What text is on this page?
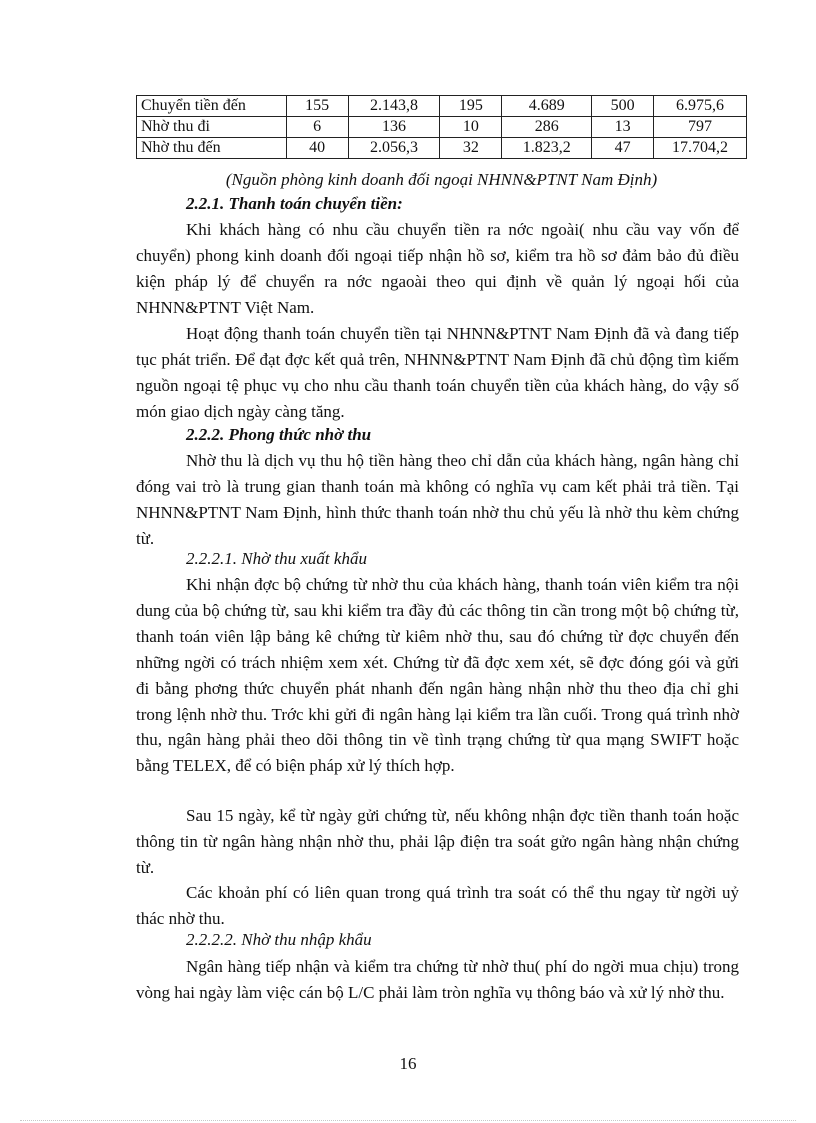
Chuyển tiền đến	155	2.143,8	195	4.689	500	6.975,6
Nhờ thu đi	6	136	10	286	13	797
Nhờ thu đến	40	2.056,3	32	1.823,2	47	17.704,2
(Nguồn phòng kinh doanh đối ngoại NHNN&PTNT Nam Định)
2.2.1. Thanh toán chuyển tiền:

Khi khách hàng có nhu cầu chuyển tiền ra nớc ngoài( nhu cầu vay vốn để chuyển) phong kinh doanh đối ngoại tiếp nhận hồ sơ, kiểm tra hồ sơ đảm bảo đủ điều kiện pháp lý để chuyển ra nớc ngaoài theo qui định về quản lý ngoại hối của NHNN&PTNT Việt Nam.

Hoạt động thanh toán chuyển tiền tại NHNN&PTNT Nam Định đã và đang tiếp tục phát triển. Để đạt đợc kết quả trên, NHNN&PTNT Nam Định đã chủ động tìm kiếm nguồn ngoại tệ phục vụ cho nhu cầu thanh toán chuyển tiền của khách hàng, do vậy số món giao dịch ngày càng tăng.

2.2.2. Phong thức nhờ thu

Nhờ thu là dịch vụ thu hộ tiền hàng theo chỉ dẫn của khách hàng, ngân hàng chỉ đóng vai trò là trung gian thanh toán mà không có nghĩa vụ cam kết phải trả tiền. Tại NHNN&PTNT Nam Định, hình thức thanh toán nhờ thu chủ yếu là nhờ thu kèm chứng từ.

2.2.2.1. Nhờ thu xuất khẩu

Khi nhận đợc bộ chứng từ nhờ thu của khách hàng, thanh toán viên kiểm tra nội dung của bộ chứng từ, sau khi kiểm tra đầy đủ các thông tin cần trong một bộ chứng từ, thanh toán viên lập bảng kê chứng từ kiêm nhờ thu, sau đó chứng từ đợc chuyển đến những ngời có trách nhiệm xem xét. Chứng từ đã đợc xem xét, sẽ đợc đóng gói và gửi đi bằng phơng thức chuyển phát nhanh đến ngân hàng nhận nhờ thu theo địa chỉ ghi trong lệnh nhờ thu. Trớc khi gửi đi ngân hàng lại kiểm tra lần cuối. Trong quá trình nhờ thu, ngân hàng phải theo dõi thông tin về tình trạng chứng từ qua mạng SWIFT hoặc bằng TELEX, để có biện pháp xử lý thích hợp.

Sau 15 ngày, kể từ ngày gửi chứng từ, nếu không nhận đợc tiền thanh toán hoặc thông tin từ ngân hàng nhận nhờ thu, phải lập điện tra soát gửo ngân hàng nhận chứng từ.

Các khoản phí có liên quan trong quá trình tra soát có thể thu ngay từ ngời uỷ thác nhờ thu.

2.2.2.2. Nhờ thu nhập khẩu

Ngân hàng tiếp nhận và kiểm tra chứng từ nhờ thu( phí do ngời mua chịu) trong vòng hai ngày làm việc cán bộ L/C phải làm tròn nghĩa vụ thông báo và xử lý nhờ thu.

16
